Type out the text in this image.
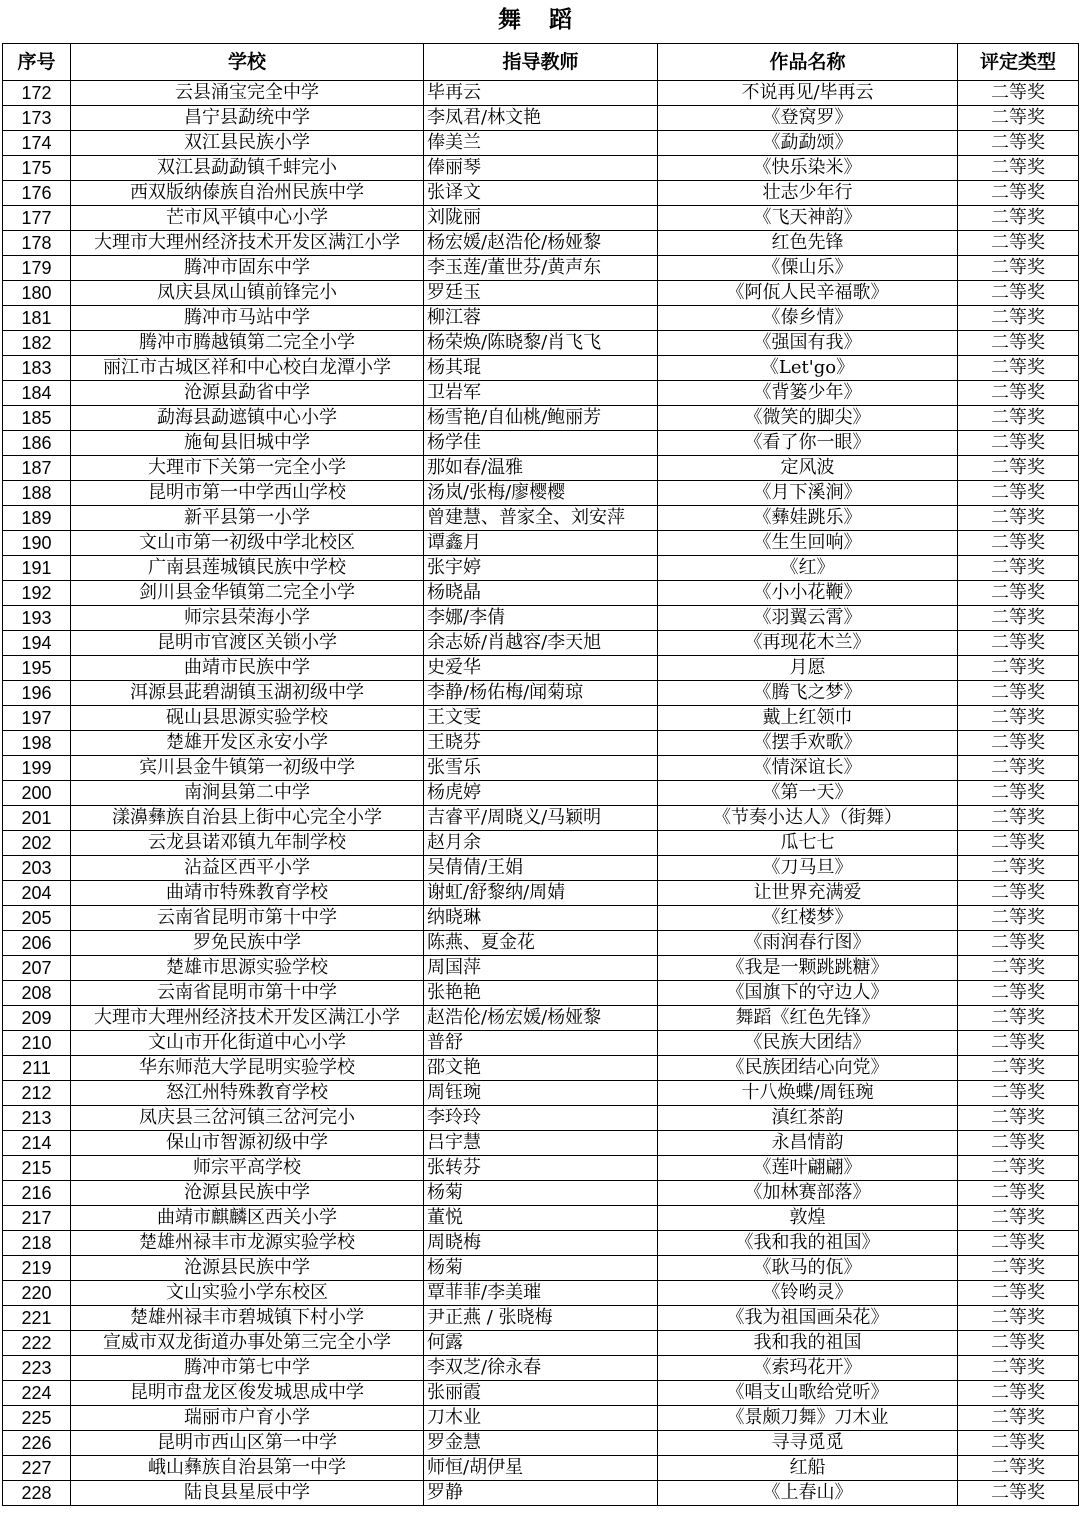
舞 蹈
序号	学校	指导教师	作品名称	评定类型
172	云县涌宝完全中学	毕再云	不说再见/毕再云	二等奖
173	昌宁县勐统中学	李凤君/林文艳	《登窝罗》	二等奖
174	双江县民族小学	俸美兰	《勐勐颂》	二等奖
175	双江县勐勐镇千蚌完小	俸丽琴	《快乐染米》	二等奖
176	西双版纳傣族自治州民族中学	张译文	壮志少年行	二等奖
177	芒市风平镇中心小学	刘陇丽	《飞天神韵》	二等奖
178	大理市大理州经济技术开发区满江小学	杨宏媛/赵浩伦/杨娅黎	红色先锋	二等奖
179	腾冲市固东中学	李玉莲/董世芬/黄声东	《傈山乐》	二等奖
180	凤庆县凤山镇前锋完小	罗廷玉	《阿佤人民辛福歌》	二等奖
181	腾冲市马站中学	柳江蓉	《傣乡情》	二等奖
182	腾冲市腾越镇第二完全小学	杨荣焕/陈晓黎/肖飞飞	《强国有我》	二等奖
183	丽江市古城区祥和中心校白龙潭小学	杨其琨	《Let'go》	二等奖
184	沧源县勐省中学	卫岩军	《背篓少年》	二等奖
185	勐海县勐遮镇中心小学	杨雪艳/自仙桃/鲍丽芳	《微笑的脚尖》	二等奖
186	施甸县旧城中学	杨学佳	《看了你一眼》	二等奖
187	大理市下关第一完全小学	那如春/温雅	定风波	二等奖
188	昆明市第一中学西山学校	汤岚/张梅/廖樱樱	《月下溪涧》	二等奖
189	新平县第一小学	曾建慧、普家全、刘安萍	《彝娃跳乐》	二等奖
190	文山市第一初级中学北校区	谭鑫月	《生生回响》	二等奖
191	广南县莲城镇民族中学校	张宇婷	《红》	二等奖
192	剑川县金华镇第二完全小学	杨晓晶	《小小花鞭》	二等奖
193	师宗县荣海小学	李娜/李倩	《羽翼云霄》	二等奖
194	昆明市官渡区关锁小学	余志娇/肖越容/李天旭	《再现花木兰》	二等奖
195	曲靖市民族中学	史爱华	月愿	二等奖
196	洱源县茈碧湖镇玉湖初级中学	李静/杨佑梅/闻菊琼	《腾飞之梦》	二等奖
197	砚山县思源实验学校	王文雯	戴上红领巾	二等奖
198	楚雄开发区永安小学	王晓芬	《摆手欢歌》	二等奖
199	宾川县金牛镇第一初级中学	张雪乐	《情深谊长》	二等奖
200	南涧县第二中学	杨虎婷	《第一天》	二等奖
201	漾濞彝族自治县上街中心完全小学	吉睿平/周晓义/马颖明	《节奏小达人》（街舞）	二等奖
202	云龙县诺邓镇九年制学校	赵月余	瓜七七	二等奖
203	沾益区西平小学	吴倩倩/王娟	《刀马旦》	二等奖
204	曲靖市特殊教育学校	谢虹/舒黎纳/周婧	让世界充满爱	二等奖
205	云南省昆明市第十中学	纳晓琳	《红楼梦》	二等奖
206	罗免民族中学	陈燕、夏金花	《雨润春行图》	二等奖
207	楚雄市思源实验学校	周国萍	《我是一颗跳跳糖》	二等奖
208	云南省昆明市第十中学	张艳艳	《国旗下的守边人》	二等奖
209	大理市大理州经济技术开发区满江小学	赵浩伦/杨宏媛/杨娅黎	舞蹈《红色先锋》	二等奖
210	文山市开化街道中心小学	普舒	《民族大团结》	二等奖
211	华东师范大学昆明实验学校	邵文艳	《民族团结心向党》	二等奖
212	怒江州特殊教育学校	周钰琬	十八焕蝶/周钰琬	二等奖
213	凤庆县三岔河镇三岔河完小	李玲玲	滇红茶韵	二等奖
214	保山市智源初级中学	吕宇慧	永昌情韵	二等奖
215	师宗平高学校	张转芬	《莲叶翩翩》	二等奖
216	沧源县民族中学	杨菊	《加林赛部落》	二等奖
217	曲靖市麒麟区西关小学	董悦	敦煌	二等奖
218	楚雄州禄丰市龙源实验学校	周晓梅	《我和我的祖国》	二等奖
219	沧源县民族中学	杨菊	《耿马的佤》	二等奖
220	文山实验小学东校区	覃菲菲/李美璀	《铃哟灵》	二等奖
221	楚雄州禄丰市碧城镇下村小学	尹正燕 / 张晓梅	《我为祖国画朵花》	二等奖
222	宣威市双龙街道办事处第三完全小学	何露	我和我的祖国	二等奖
223	腾冲市第七中学	李双芝/徐永春	《索玛花开》	二等奖
224	昆明市盘龙区俊发城思成中学	张丽霞	《唱支山歌给党听》	二等奖
225	瑞丽市户育小学	刀木业	《景颇刀舞》刀木业	二等奖
226	昆明市西山区第一中学	罗金慧	寻寻觅觅	二等奖
227	峨山彝族自治县第一中学	师恒/胡伊星	红船	二等奖
228	陆良县星辰中学	罗静	《上春山》	二等奖
